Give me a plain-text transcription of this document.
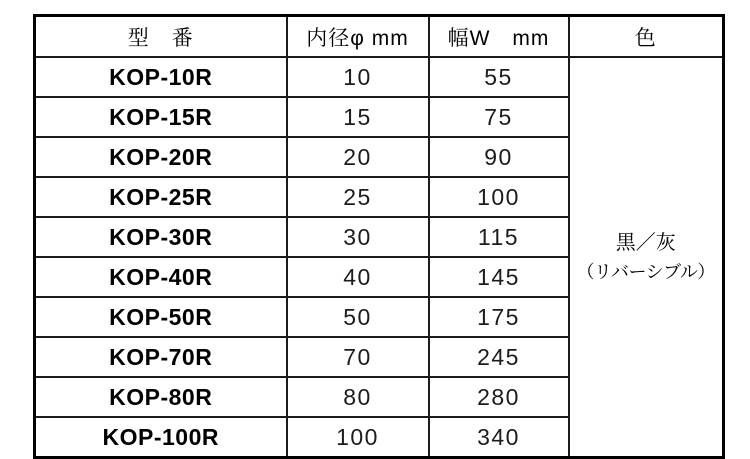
型　番	内径φ mm	幅W　mm	色
KOP-10R	10	55	黒／灰
（リバーシブル）

KOP-15R	15	75	
KOP-20R	20	90	
KOP-25R	25	100	
KOP-30R	30	115	
KOP-40R	40	145	
KOP-50R	50	175	
KOP-70R	70	245	
KOP-80R	80	280	
KOP-100R	100	340	
